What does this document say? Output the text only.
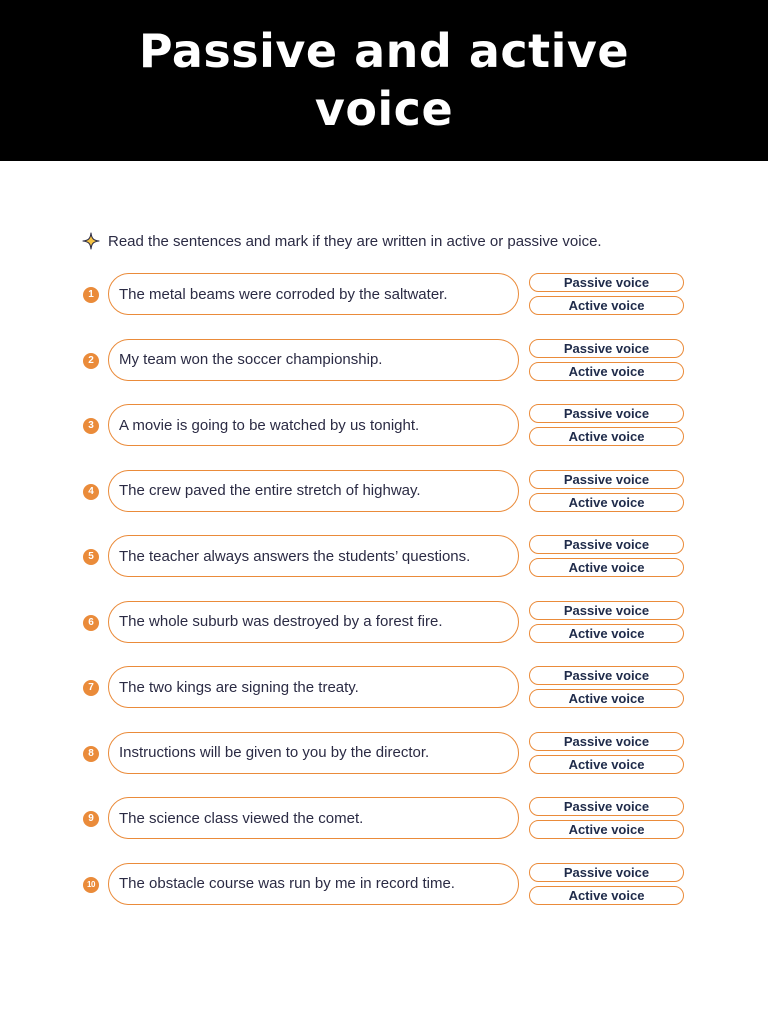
Passive and active
voice
Read the sentences and mark if they are written in active or passive voice.
1	The metal beams were corroded by the saltwater.
Passive voice
Active voice
2	My team won the soccer championship.
Passive voice
Active voice
3	A movie is going to be watched by us tonight.
Passive voice
Active voice
4	The crew paved the entire stretch of highway.
Passive voice
Active voice
5	The teacher always answers the students’ questions.
Passive voice
Active voice
6	The whole suburb was destroyed by a forest fire.
Passive voice
Active voice
7	The two kings are signing the treaty.
Passive voice
Active voice
8	Instructions will be given to you by the director.
Passive voice
Active voice
9	The science class viewed the comet.
Passive voice
Active voice
10	The obstacle course was run by me in record time.
Passive voice
Active voice
